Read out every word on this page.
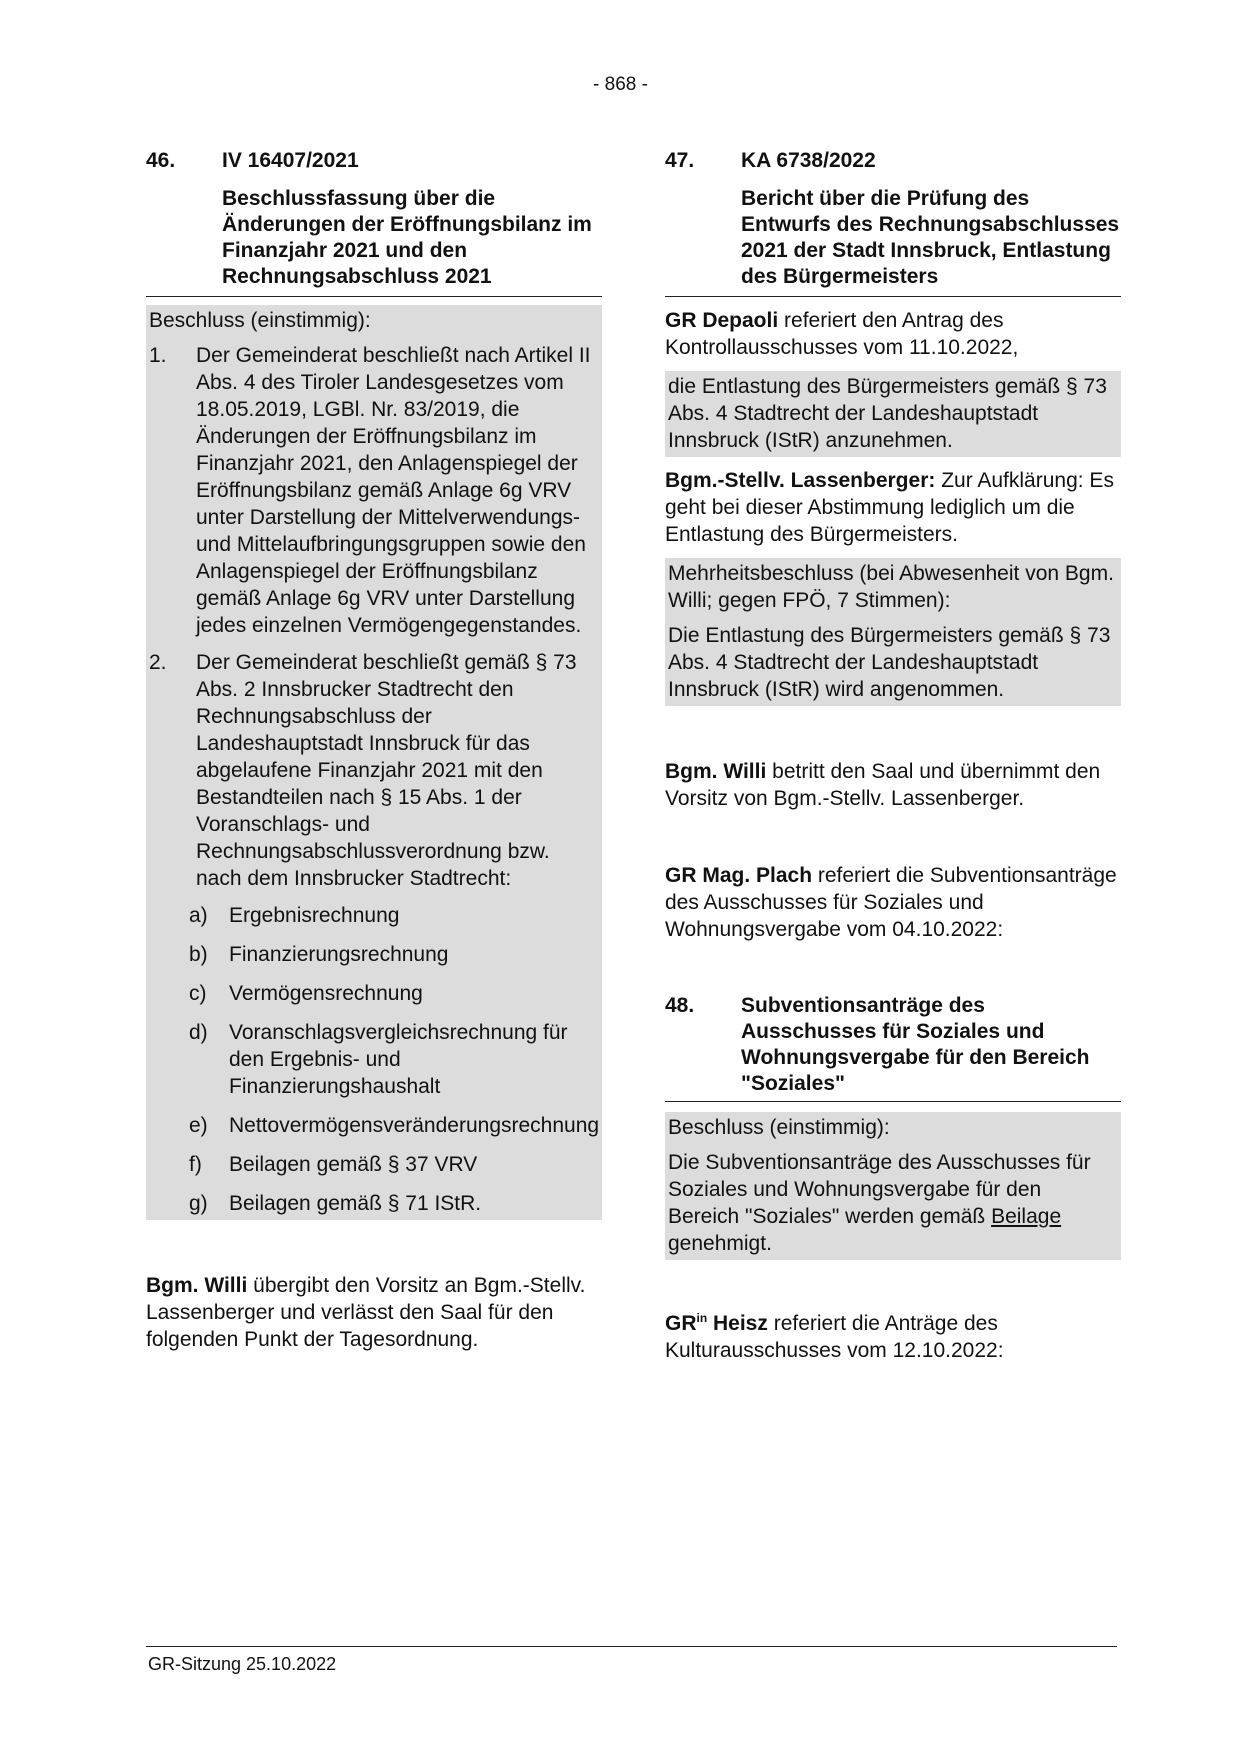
- 868 -
46.	IV 16407/2021
Beschlussfassung über die Änderungen der Eröffnungsbilanz im Finanzjahr 2021 und den Rechnungsabschluss 2021

Beschluss (einstimmig):

1.	Der Gemeinderat beschließt nach Artikel II Abs. 4 des Tiroler Landesgesetzes vom 18.05.2019, LGBl. Nr. 83/2019, die Änderungen der Eröffnungsbilanz im Finanzjahr 2021, den Anlagenspiegel der Eröffnungsbilanz gemäß Anlage 6g VRV unter Darstellung der Mittelverwendungs- und Mittelaufbringungsgruppen sowie den Anlagenspiegel der Eröffnungsbilanz gemäß Anlage 6g VRV unter Darstellung jedes einzelnen Vermögengegenstandes.
2.	Der Gemeinderat beschließt gemäß § 73 Abs. 2 Innsbrucker Stadtrecht den Rechnungsabschluss der Landeshauptstadt Innsbruck für das abgelaufene Finanzjahr 2021 mit den Bestandteilen nach § 15 Abs. 1 der Voranschlags- und Rechnungsabschlussverordnung bzw. nach dem Innsbrucker Stadtrecht:
a)	Ergebnisrechnung
b)	Finanzierungsrechnung
c)	Vermögensrechnung
d)	Voranschlagsvergleichsrechnung für den Ergebnis- und Finanzierungshaushalt
e)	Nettovermögensveränderungsrechnung
f)	Beilagen gemäß § 37 VRV
g)	Beilagen gemäß § 71 IStR.

Bgm. Willi übergibt den Vorsitz an Bgm.-Stellv. Lassenberger und verlässt den Saal für den folgenden Punkt der Tagesordnung.

47.	KA 6738/2022
Bericht über die Prüfung des Entwurfs des Rechnungsabschlusses 2021 der Stadt Innsbruck, Entlastung des Bürgermeisters

GR Depaoli referiert den Antrag des Kontrollausschusses vom 11.10.2022,

die Entlastung des Bürgermeisters gemäß § 73 Abs. 4 Stadtrecht der Landeshauptstadt Innsbruck (IStR) anzunehmen.

Bgm.-Stellv. Lassenberger: Zur Aufklärung: Es geht bei dieser Abstimmung lediglich um die Entlastung des Bürgermeisters.

Mehrheitsbeschluss (bei Abwesenheit von Bgm. Willi; gegen FPÖ, 7 Stimmen):

Die Entlastung des Bürgermeisters gemäß § 73 Abs. 4 Stadtrecht der Landeshauptstadt Innsbruck (IStR) wird angenommen.

Bgm. Willi betritt den Saal und übernimmt den Vorsitz von Bgm.-Stellv. Lassenberger.

GR Mag. Plach referiert die Subventionsanträge des Ausschusses für Soziales und Wohnungsvergabe vom 04.10.2022:

48.	Subventionsanträge des Ausschusses für Soziales und Wohnungsvergabe für den Bereich "Soziales"

Beschluss (einstimmig):

Die Subventionsanträge des Ausschusses für Soziales und Wohnungsvergabe für den Bereich "Soziales" werden gemäß Beilage genehmigt.

$GR^{in}$ Heisz referiert die Anträge des Kulturausschusses vom 12.10.2022:

GR-Sitzung 25.10.2022
